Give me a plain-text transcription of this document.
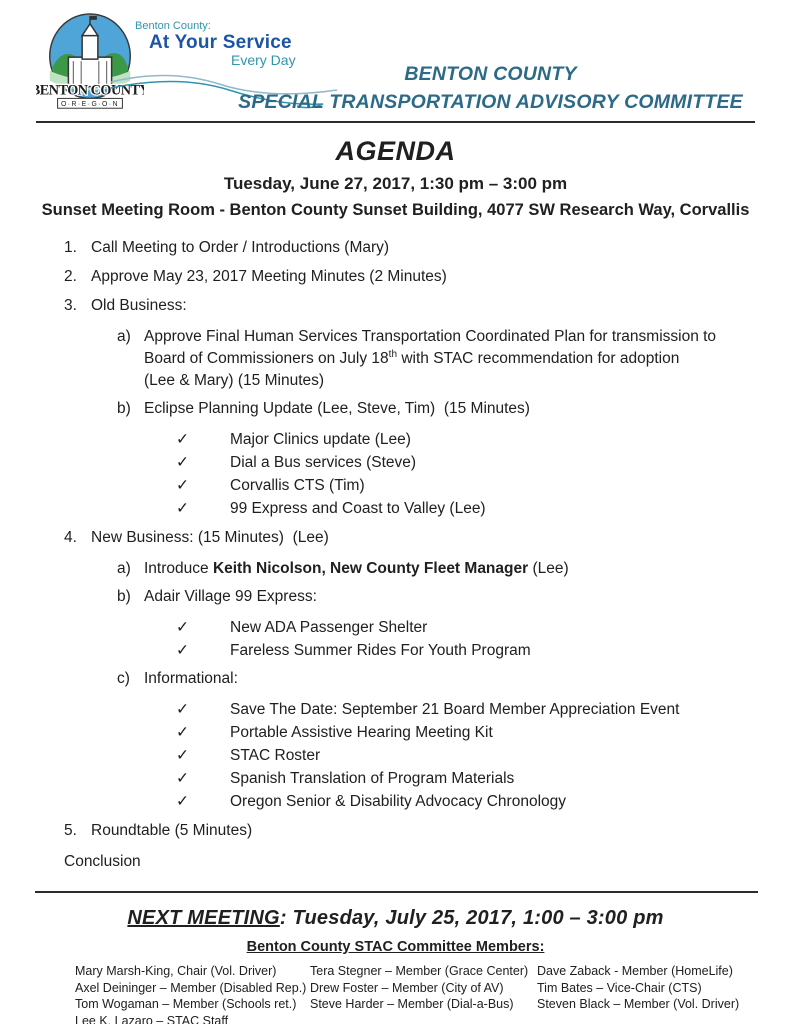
BENTON COUNTY
O·R·E·G·O·N
Benton County:
At Your Service
Every Day
BENTON COUNTY
SPECIAL TRANSPORTATION ADVISORY COMMITTEE
AGENDA
Tuesday, June 27, 2017, 1:30 pm – 3:00 pm
Sunset Meeting Room - Benton County Sunset Building, 4077 SW Research Way, Corvallis
1. Call Meeting to Order / Introductions (Mary)
2. Approve May 23, 2017 Meeting Minutes (2 Minutes)
3. Old Business:
a) Approve Final Human Services Transportation Coordinated Plan for transmission to
Board of Commissioners on July 18th with STAC recommendation for adoption
(Lee & Mary) (15 Minutes)
b) Eclipse Planning Update (Lee, Steve, Tim)  (15 Minutes)
✓	Major Clinics update (Lee)
✓	Dial a Bus services (Steve)
✓	Corvallis CTS (Tim)
✓	99 Express and Coast to Valley (Lee)
4. New Business: (15 Minutes)  (Lee)
a) Introduce Keith Nicolson, New County Fleet Manager (Lee)
b) Adair Village 99 Express:
✓	New ADA Passenger Shelter
✓	Fareless Summer Rides For Youth Program
c) Informational:
✓	Save The Date: September 21 Board Member Appreciation Event
✓	Portable Assistive Hearing Meeting Kit
✓	STAC Roster
✓	Spanish Translation of Program Materials
✓	Oregon Senior & Disability Advocacy Chronology
5. Roundtable (5 Minutes)
Conclusion
NEXT MEETING: Tuesday, July 25, 2017, 1:00 – 3:00 pm
Benton County STAC Committee Members:
Mary Marsh-King, Chair (Vol. Driver)
Axel Deininger – Member (Disabled Rep.)
Tom Wogaman – Member (Schools ret.)
Lee K. Lazaro – STAC Staff
Tera Stegner – Member (Grace Center)
Drew Foster – Member (City of AV)
Steve Harder – Member (Dial-a-Bus)
Dave Zaback - Member (HomeLife)
Tim Bates – Vice-Chair (CTS)
Steven Black – Member (Vol. Driver)
